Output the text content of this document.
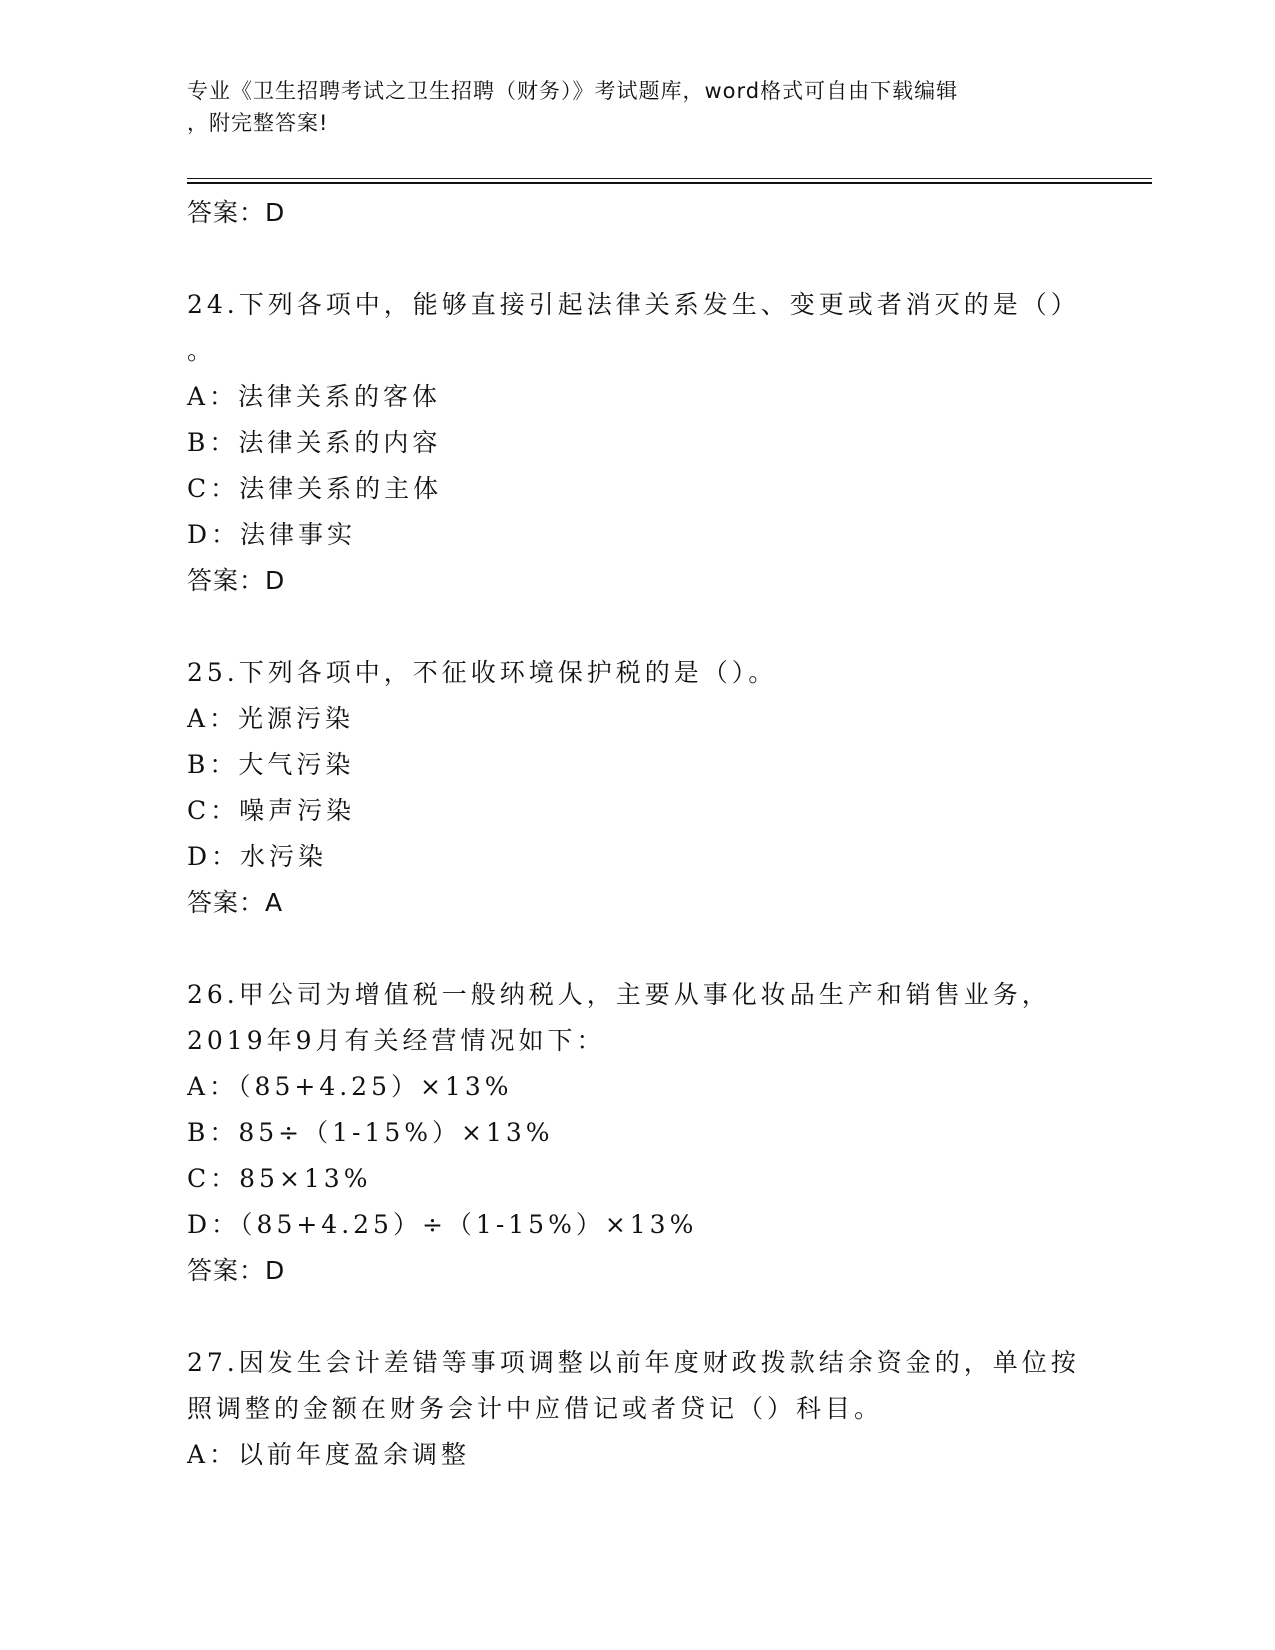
专业《卫生招聘考试之卫生招聘（财务）》考试题库，word格式可自由下载编辑
，附完整答案!
答案：D
24.下列各项中，能够直接引起法律关系发生、变更或者消灭的是（）
。
A：法律关系的客体
B：法律关系的内容
C：法律关系的主体
D：法律事实
答案：D
25.下列各项中，不征收环境保护税的是（）。
A：光源污染
B：大气污染
C：噪声污染
D：水污染
答案：A
26.甲公司为增值税一般纳税人，主要从事化妆品生产和销售业务，
2019年9月有关经营情况如下：
A：（85+4.25）×13%
B：85÷（1-15%）×13%
C：85×13%
D：（85+4.25）÷（1-15%）×13%
答案：D
27.因发生会计差错等事项调整以前年度财政拨款结余资金的，单位按
照调整的金额在财务会计中应借记或者贷记（）科目。
A：以前年度盈余调整
